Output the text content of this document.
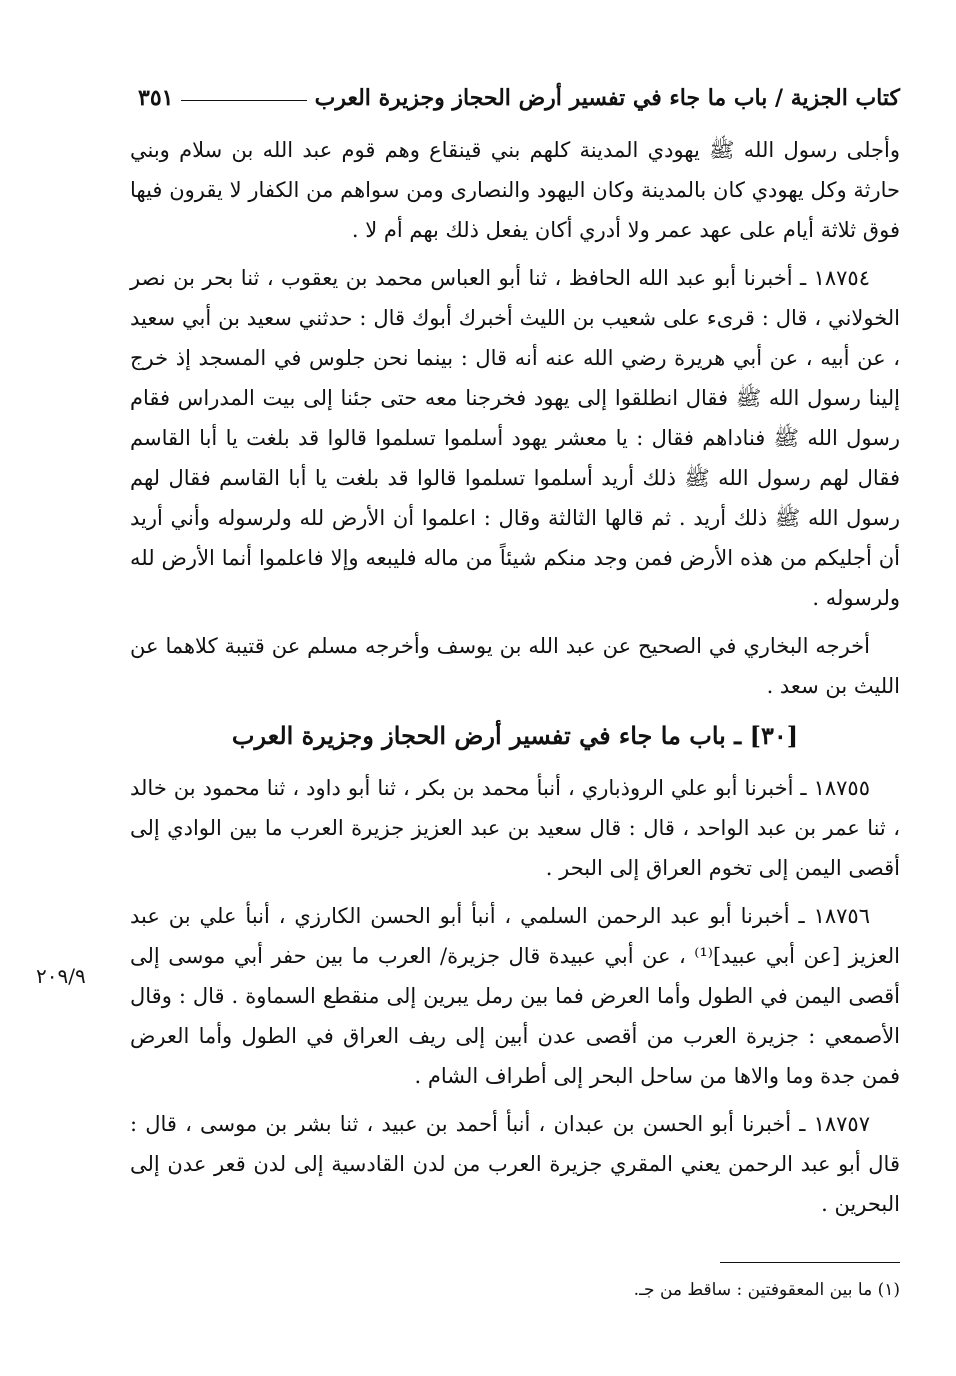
كتاب الجزية / باب ما جاء في تفسير أرض الحجاز وجزيرة العرب
٣٥١

وأجلى رسول الله ﷺ يهودي المدينة كلهم بني قينقاع وهم قوم عبد الله بن سلام وبني حارثة وكل يهودي كان بالمدينة وكان اليهود والنصارى ومن سواهم من الكفار لا يقرون فيها فوق ثلاثة أيام على عهد عمر ولا أدري أكان يفعل ذلك بهم أم لا .

١٨٧٥٤ ـ أخبرنا أبو عبد الله الحافظ ، ثنا أبو العباس محمد بن يعقوب ، ثنا بحر بن نصر الخولاني ، قال : قرىء على شعيب بن الليث أخبرك أبوك قال : حدثني سعيد بن أبي سعيد ، عن أبيه ، عن أبي هريرة رضي الله عنه أنه قال : بينما نحن جلوس في المسجد إذ خرج إلينا رسول الله ﷺ فقال انطلقوا إلى يهود فخرجنا معه حتى جئنا إلى بيت المدراس فقام رسول الله ﷺ فناداهم فقال : يا معشر يهود أسلموا تسلموا قالوا قد بلغت يا أبا القاسم فقال لهم رسول الله ﷺ ذلك أريد أسلموا تسلموا قالوا قد بلغت يا أبا القاسم فقال لهم رسول الله ﷺ ذلك أريد . ثم قالها الثالثة وقال : اعلموا أن الأرض لله ولرسوله وأني أريد أن أجليكم من هذه الأرض فمن وجد منكم شيئاً من ماله فليبعه وإلا فاعلموا أنما الأرض لله ولرسوله .

أخرجه البخاري في الصحيح عن عبد الله بن يوسف وأخرجه مسلم عن قتيبة كلاهما عن الليث بن سعد .

[٣٠] ـ باب ما جاء في تفسير أرض الحجاز وجزيرة العرب

١٨٧٥٥ ـ أخبرنا أبو علي الروذباري ، أنبأ محمد بن بكر ، ثنا أبو داود ، ثنا محمود بن خالد ، ثنا عمر بن عبد الواحد ، قال : قال سعيد بن عبد العزيز جزيرة العرب ما بين الوادي إلى أقصى اليمن إلى تخوم العراق إلى البحر .

١٨٧٥٦ ـ أخبرنا أبو عبد الرحمن السلمي ، أنبأ أبو الحسن الكارزي ، أنبأ علي بن عبد العزيز [عن أبي عبيد]⁽¹⁾ ، عن أبي عبيدة قال جزيرة/ العرب ما بين حفر أبي موسى إلى أقصى اليمن في الطول وأما العرض فما بين رمل يبرين إلى منقطع السماوة . قال : وقال الأصمعي : جزيرة العرب من أقصى عدن أبين إلى ريف العراق في الطول وأما العرض فمن جدة وما والاها من ساحل البحر إلى أطراف الشام .

١٨٧٥٧ ـ أخبرنا أبو الحسن بن عبدان ، أنبأ أحمد بن عبيد ، ثنا بشر بن موسى ، قال : قال أبو عبد الرحمن يعني المقري جزيرة العرب من لدن القادسية إلى لدن قعر عدن إلى البحرين .

٢٠٩/٩
(١) ما بين المعقوفتين : ساقط من جـ.
